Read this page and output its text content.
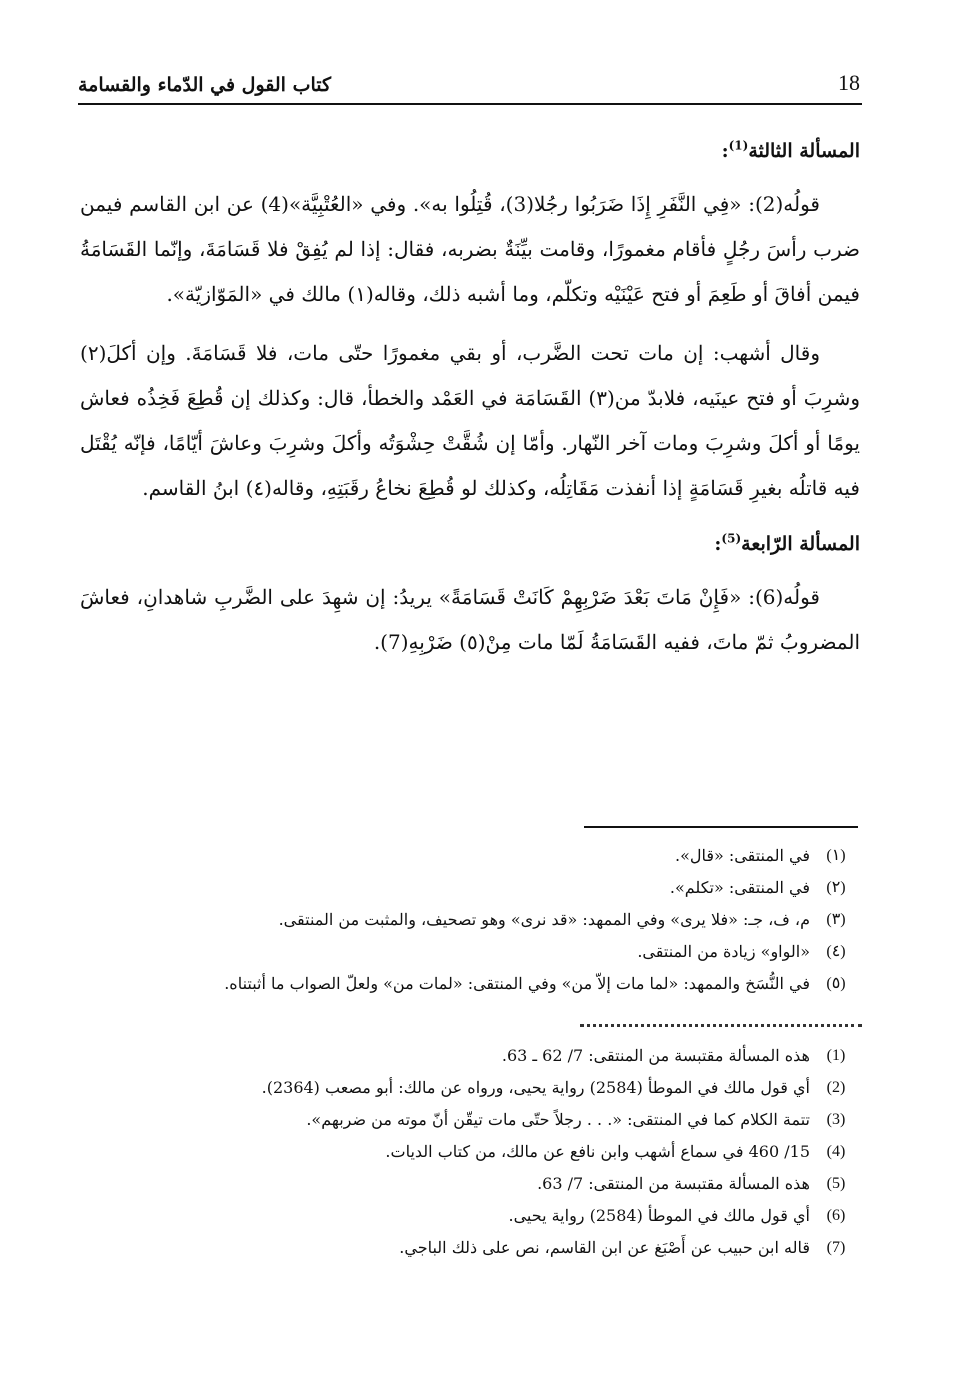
كتاب القول في الدّماء والقسامة	18
المسألة الثالثة$^{(1)}$:

قولُه(2): «فِي النَّفَرِ إِذَا ضَرَبُوا رجُلا(3)، قُتِلُوا به». وفي «العُتْبِيَّة»(4) عن ابن القاسم فيمن ضرب رأسَ رجُلٍ فأقام مغمورًا، وقامت بيِّنَةٌ بضربه، فقال: إذا لم يُفِقْ فلا قَسَامَةَ، وإنّما القَسَامَةُ فيمن أفاقَ أو طَعِمَ أو فتح عَيْنَيْه وتكلّم، وما أشبه ذلك، وقاله(١) مالك في «المَوّازيّة».

وقال أشهب: إن مات تحت الضَّرب، أو بقي مغمورًا حتّى مات، فلا قَسَامَةَ. وإن أكلَ(٢) وشرِبَ أو فتح عينَيه، فلابدّ من(٣) القَسَامَة في العَمْد والخطأ، قال: وكذلك إن قُطِعَ فَخِذُه فعاش يومًا أو أكلَ وشرِبَ ومات آخر النّهار. وأمّا إن شُقَّتْ حِشْوَتُه وأكلَ وشرِبَ وعاشَ أيّامًا، فإنّه يُقْتَل فيه قاتلُه بغيرِ قَسَامَةٍ إذا أنفذت مَقَاتِلُه، وكذلك لو قُطِعَ نخاعُ رقَبَتِهِ، وقاله(٤) ابنُ القاسم.

المسألة الرّابعة$^{(5)}$:

قولُه(6): «فَإِنْ مَاتَ بَعْدَ ضَرْبِهِمْ كَانَتْ قَسَامَةً» يريدُ: إن شهِدَ على الضَّربِ شاهدانِ، فعاشَ المضروبُ ثمّ ماتَ، ففيه القَسَامَةُ لَمّا مات مِنْ(٥) ضَرْبِهِ(7).

(١)
في المنتقى: «قال».
(٢)
في المنتقى: «تكلم».
(٣)
م، ف، جـ: «فلا يرى» وفي الممهد: «قد نرى» وهو تصحيف، والمثبت من المنتقى.
(٤)
«الواو» زيادة من المنتقى.
(٥)
في النُّسَخ والممهد: «لما مات إلاّ من» وفي المنتقى: «لمات من» ولعلّ الصواب ما أثبتناه.
(1)
هذه المسألة مقتبسة من المنتقى: 7/ 62 ـ 63.
(2)
أي قول مالك في الموطأ (2584) رواية يحيى، ورواه عن مالك: أبو مصعب (2364).
(3)
تتمة الكلام كما في المنتقى: «. . . رجلاً حتّى مات تيقّن أنّ موته من ضربهم».
(4)
15/ 460 في سماع أشهب وابن نافع عن مالك، من كتاب الديات.
(5)
هذه المسألة مقتبسة من المنتقى: 7/ 63.
(6)
أي قول مالك في الموطأ (2584) رواية يحيى.
(7)
قاله ابن حبيب عن أَصْبَغ عن ابن القاسم، نص على ذلك الباجي.
